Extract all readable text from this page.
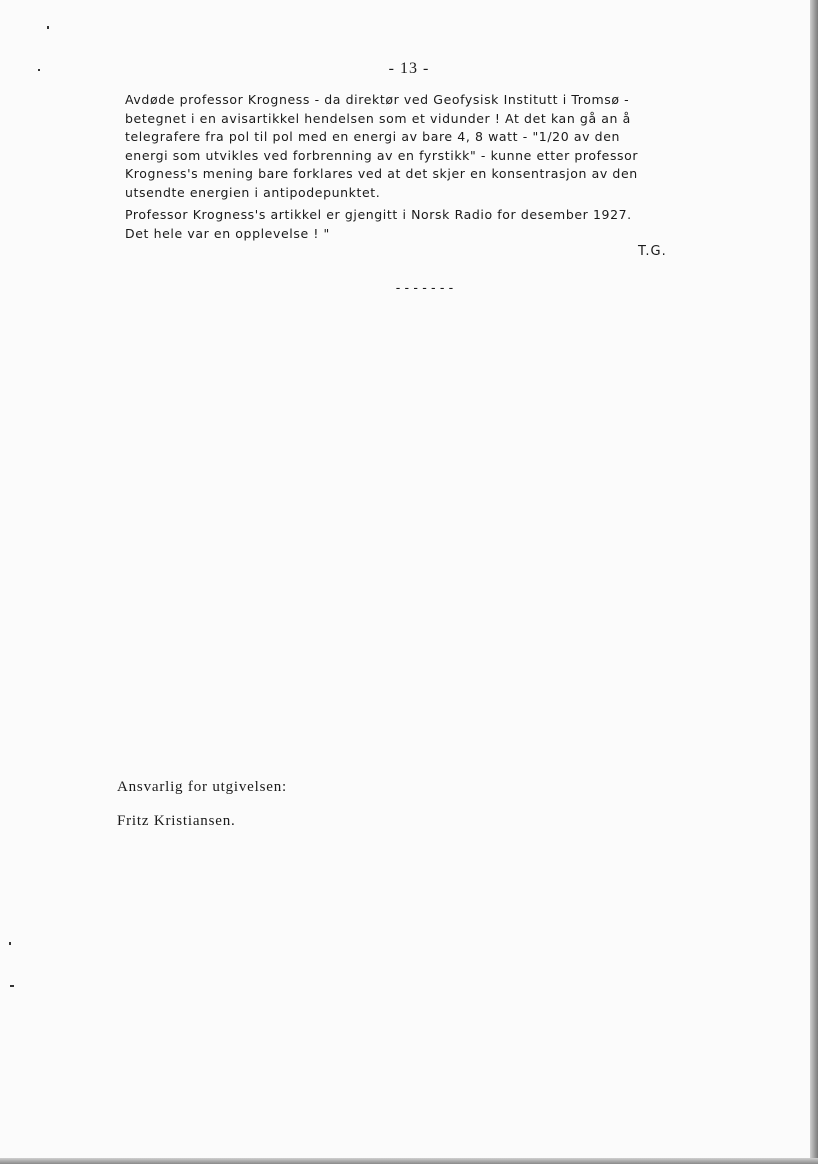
- 13 -

Avdøde professor Krogness - da direktør ved Geofysisk Institutt i Tromsø -

betegnet i en avisartikkel hendelsen som et vidunder ! At det kan gå an å

telegrafere fra pol til pol med en energi av bare 4, 8 watt - "1/20 av den

energi som utvikles ved forbrenning av en fyrstikk" - kunne etter professor

Krogness's mening bare forklares ved at det skjer en konsentrasjon av den

utsendte energien i antipodepunktet.

Professor Krogness's artikkel er gjengitt i Norsk Radio for desember 1927.

Det hele var en opplevelse ! "

T.G.
-------

Ansvarlig for utgivelsen:

Fritz Kristiansen.
